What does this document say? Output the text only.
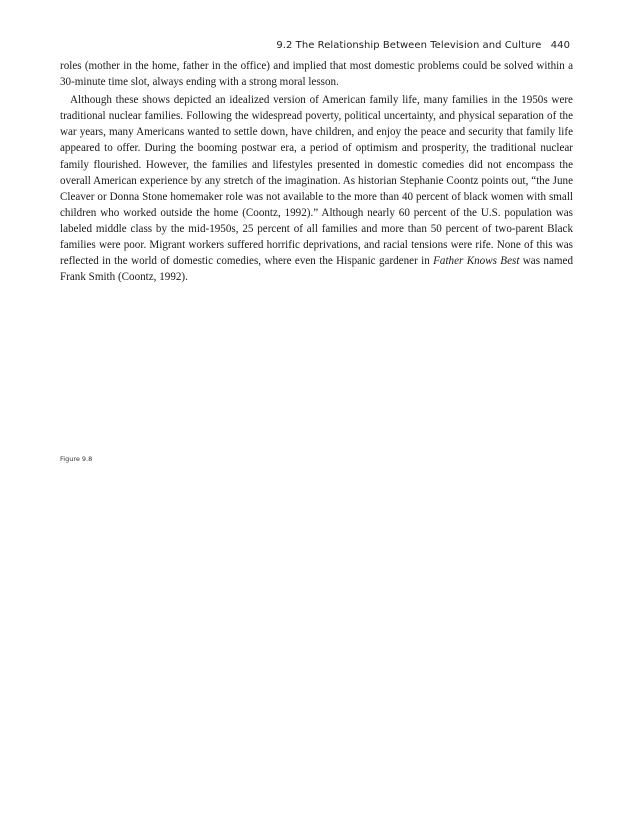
9.2 The Relationship Between Television and Culture 440

roles (mother in the home, father in the office) and implied that most domestic problems could be solved within a 30-minute time slot, always ending with a strong moral lesson.

Although these shows depicted an idealized version of American family life, many families in the 1950s were traditional nuclear families. Following the widespread poverty, political uncertainty, and physical separation of the war years, many Americans wanted to settle down, have children, and enjoy the peace and security that family life appeared to offer. During the booming postwar era, a period of optimism and prosperity, the traditional nuclear family flourished. However, the families and lifestyles presented in domestic comedies did not encompass the overall American experience by any stretch of the imagination. As historian Stephanie Coontz points out, “the June Cleaver or Donna Stone homemaker role was not available to the more than 40 percent of black women with small children who worked outside the home (Coontz, 1992).” Although nearly 60 percent of the U.S. population was labeled middle class by the mid-1950s, 25 percent of all families and more than 50 percent of two-parent Black families were poor. Migrant workers suffered horrific deprivations, and racial tensions were rife. None of this was reflected in the world of domestic comedies, where even the Hispanic gardener in Father Knows Best was named Frank Smith (Coontz, 1992).

Figure 9.8
